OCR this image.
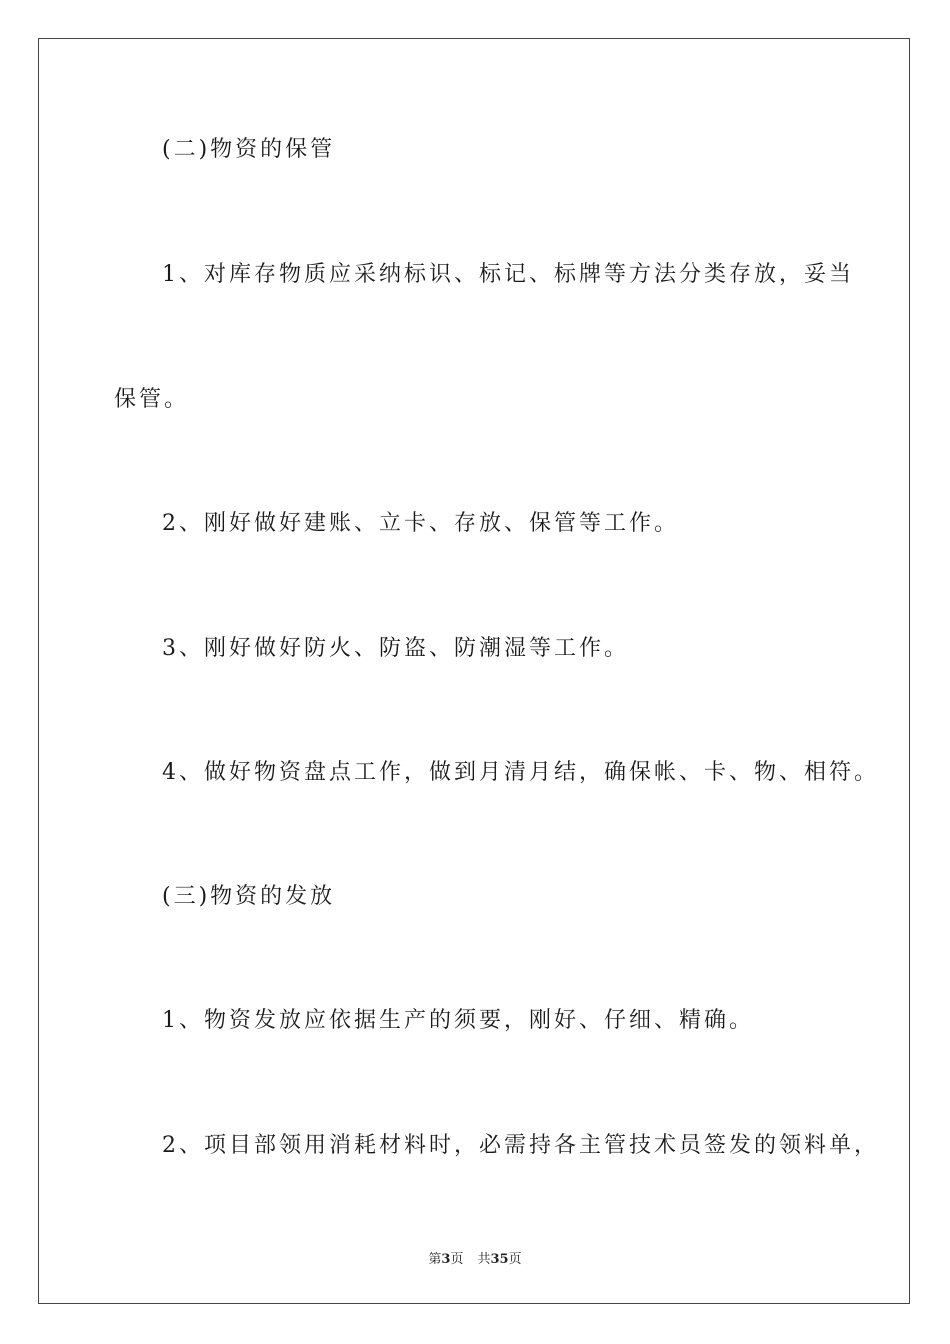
(二)物资的保管
1、对库存物质应采纳标识、标记、标牌等方法分类存放，妥当
保管。
2、刚好做好建账、立卡、存放、保管等工作。
3、刚好做好防火、防盗、防潮湿等工作。
4、做好物资盘点工作，做到月清月结，确保帐、卡、物、相符。
(三)物资的发放
1、物资发放应依据生产的须要，刚好、仔细、精确。
2、项目部领用消耗材料时，必需持各主管技术员签发的领料单，
第3页 共35页
